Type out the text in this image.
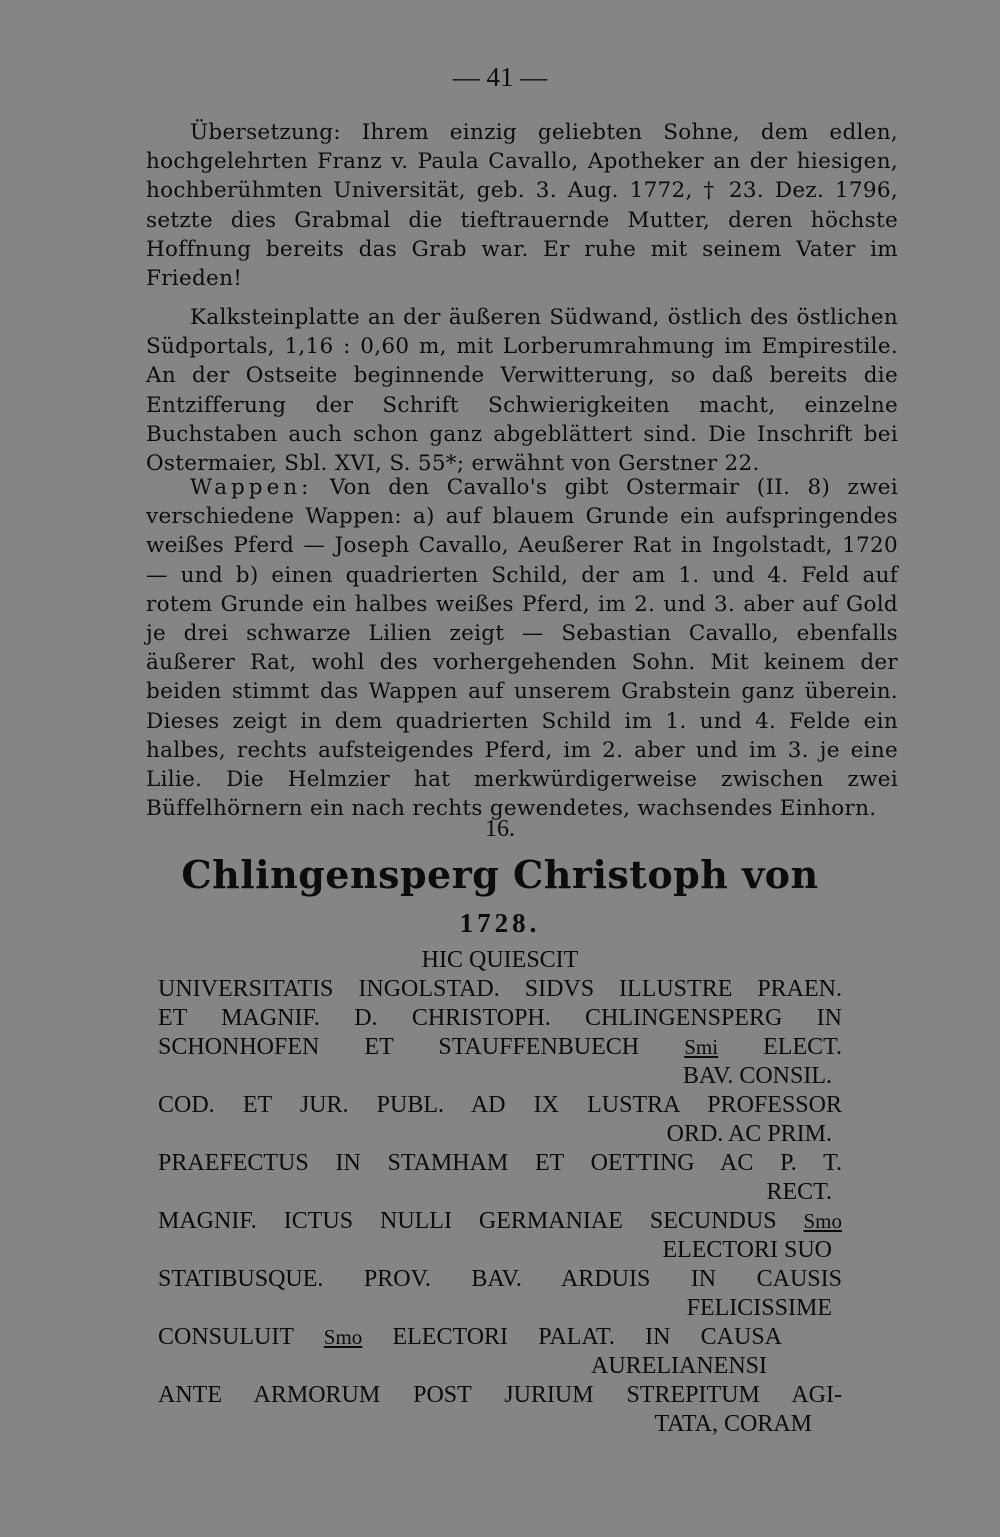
— 41 —

Übersetzung: Ihrem einzig geliebten Sohne, dem edlen, hochgelehrten Franz v. Paula Cavallo, Apotheker an der hiesigen, hochberühmten Universität, geb. 3. Aug. 1772, † 23. Dez. 1796, setzte dies Grabmal die tieftrauernde Mutter, deren höchste Hoffnung bereits das Grab war. Er ruhe mit seinem Vater im Frieden!

Kalksteinplatte an der äußeren Südwand, östlich des östlichen Südportals, 1,16 : 0,60 m, mit Lorberumrahmung im Empirestile. An der Ostseite beginnende Verwitterung, so daß bereits die Entzifferung der Schrift Schwierigkeiten macht, einzelne Buchstaben auch schon ganz abgeblättert sind. Die Inschrift bei Ostermaier, Sbl. XVI, S. 55*; erwähnt von Gerstner 22.

Wappen: Von den Cavallo's gibt Ostermair (II. 8) zwei verschiedene Wappen: a) auf blauem Grunde ein aufspringendes weißes Pferd — Joseph Cavallo, Aeußerer Rat in Ingolstadt, 1720 — und b) einen quadrierten Schild, der am 1. und 4. Feld auf rotem Grunde ein halbes weißes Pferd, im 2. und 3. aber auf Gold je drei schwarze Lilien zeigt — Sebastian Cavallo, ebenfalls äußerer Rat, wohl des vorhergehenden Sohn. Mit keinem der beiden stimmt das Wappen auf unserem Grabstein ganz überein. Dieses zeigt in dem quadrierten Schild im 1. und 4. Felde ein halbes, rechts aufsteigendes Pferd, im 2. aber und im 3. je eine Lilie. Die Helmzier hat merkwürdigerweise zwischen zwei Büffelhörnern ein nach rechts gewendetes, wachsendes Einhorn.

16.
Chlingensperg Christoph von
1728.
HIC QUIESCIT
UNIVERSITATIS INGOLSTAD. SIDVS ILLUSTRE PRAEN.
ET MAGNIF. D. CHRISTOPH. CHLINGENSPERG IN
SCHONHOFEN ET STAUFFENBUECH Smi ELECT.
BAV. CONSIL.
COD. ET JUR. PUBL. AD IX LUSTRA PROFESSOR
ORD. AC PRIM.
PRAEFECTUS IN STAMHAM ET OETTING AC P. T.
RECT.
MAGNIF. ICTUS NULLI GERMANIAE SECUNDUS Smo
ELECTORI SUO
STATIBUSQUE. PROV. BAV. ARDUIS IN CAUSIS
FELICISSIME
CONSULUIT Smo ELECTORI PALAT. IN CAUSA
AURELIANENSI
ANTE ARMORUM POST JURIUM STREPITUM AGI-
TATA, CORAM
